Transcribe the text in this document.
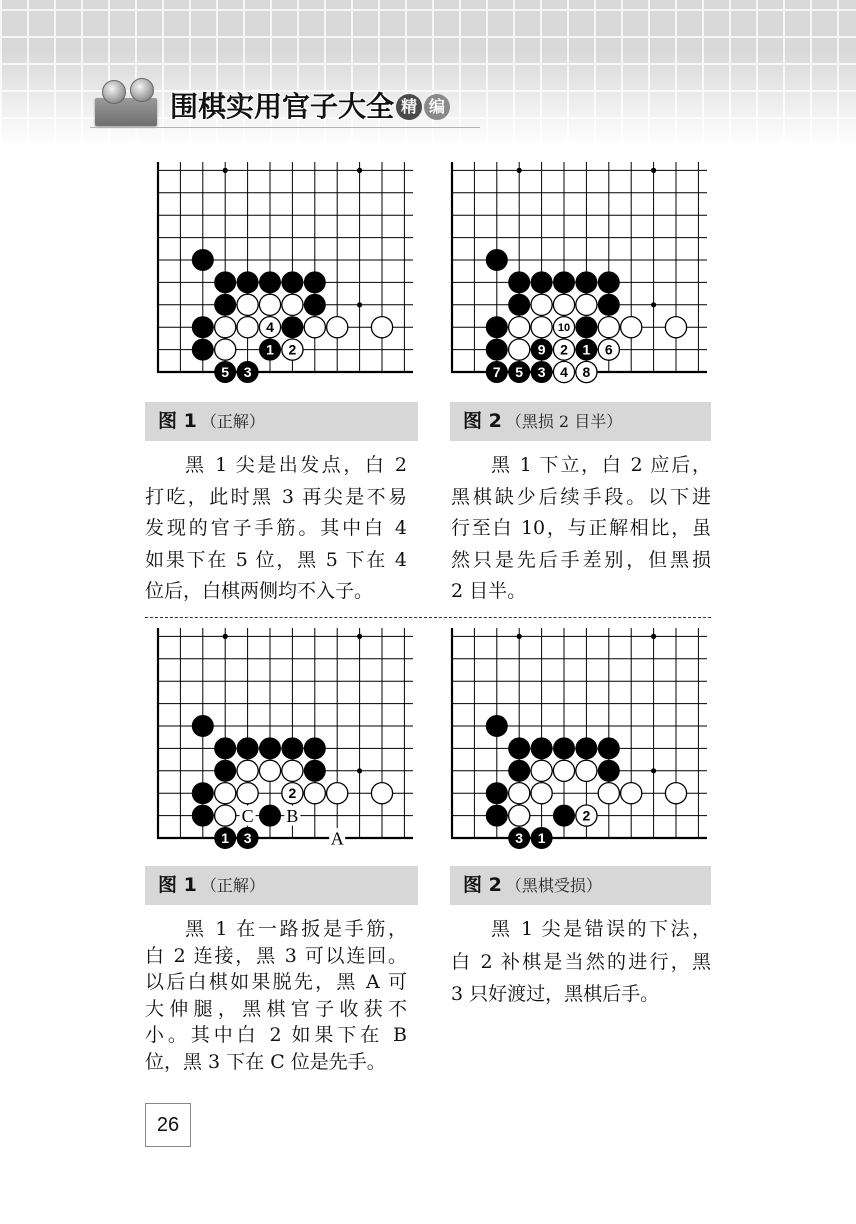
围棋实用官子大全 精 编
4
1 2
5 3
图 1 （正解）
黑 1 尖是出发点，白 2
打吃，此时黑 3 再尖是不易
发现的官子手筋。其中白 4
如果下在 5 位，黑 5 下在 4
位后，白棋两侧均不入子。
10
9 2 1 6
7 5 3 4 8
图 2 （黑损 2 目半）
黑 1 下立，白 2 应后，
黑棋缺少后续手段。以下进
行至白 10，与正解相比，虽
然只是先后手差别，但黑损
2 目半。
C B
A
2
1 3
图 1 （正解）
黑 1 在一路扳是手筋，
白 2 连接，黑 3 可以连回。
以后白棋如果脱先，黑 A 可
大伸腿，黑棋官子收获不
小。其中白 2 如果下在 B
位，黑 3 下在 C 位是先手。
2
3 1
图 2 （黑棋受损）
黑 1 尖是错误的下法，
白 2 补棋是当然的进行，黑
3 只好渡过，黑棋后手。
26
